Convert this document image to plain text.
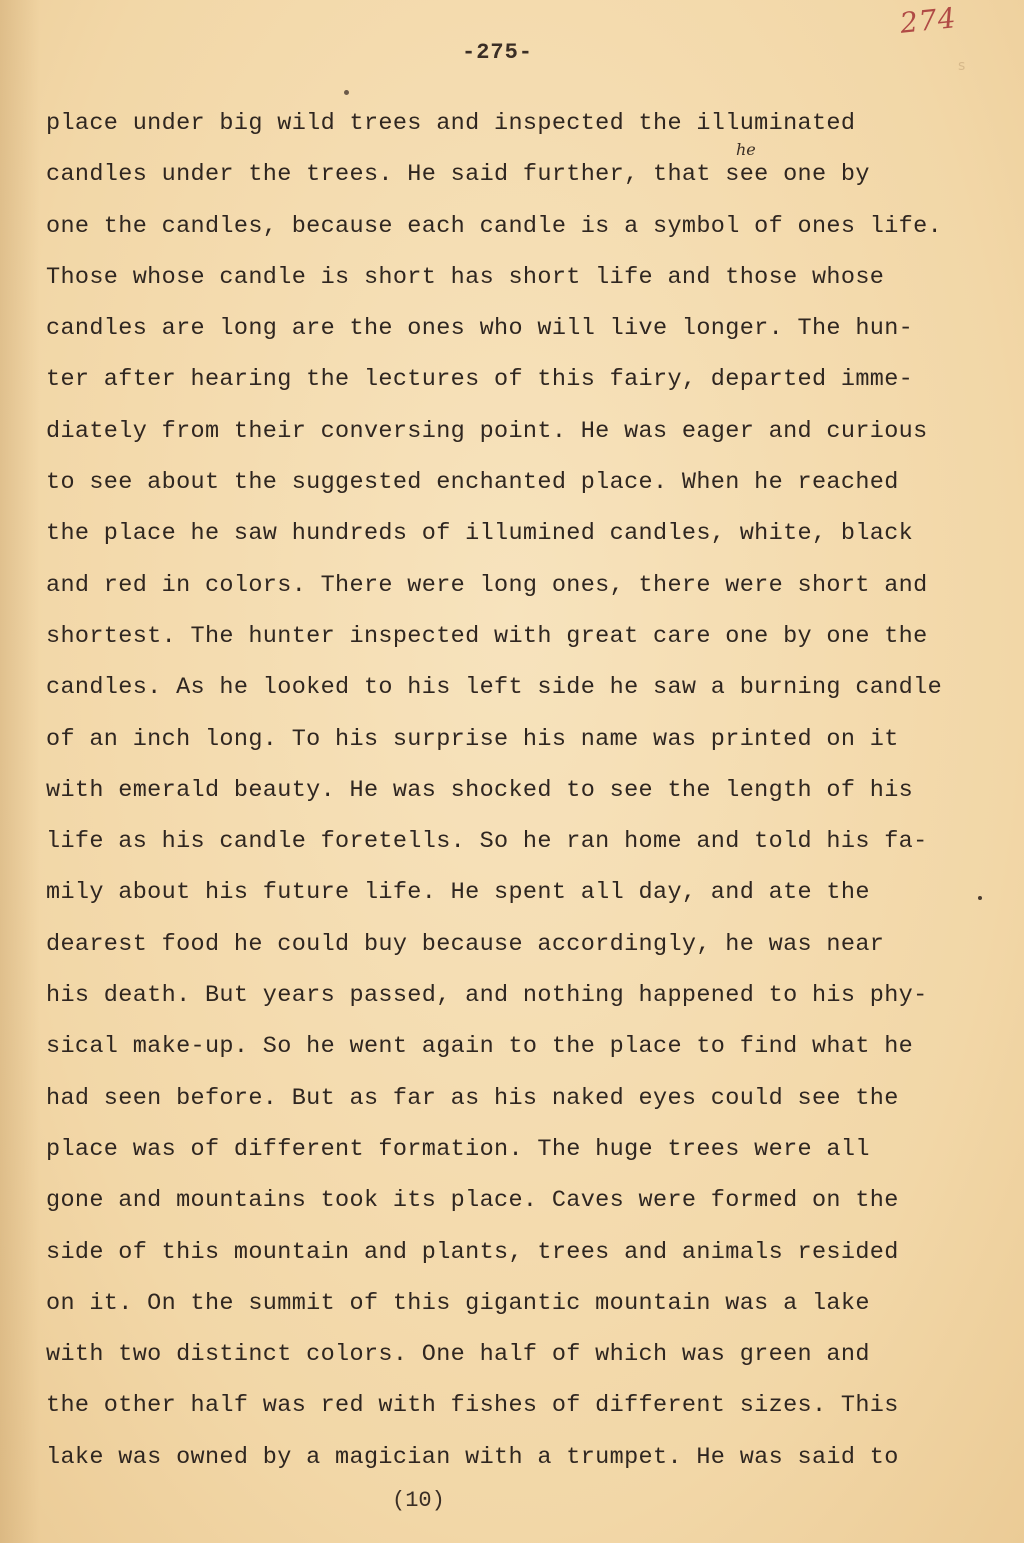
274
s
-275-
he
place under big wild trees and inspected the illuminated
candles under the trees. He said further, that see one by
one the candles, because each candle is a symbol of ones life.
Those whose candle is short has short life and those whose
candles are long are the ones who will live longer. The hun-
ter after hearing the lectures of this fairy, departed imme-
diately from their conversing point. He was eager and curious
to see about the suggested enchanted place. When he reached
the place he saw hundreds of illumined candles, white, black
and red in colors. There were long ones, there were short and
shortest. The hunter inspected with great care one by one the
candles. As he looked to his left side he saw a burning candle
of an inch long. To his surprise his name was printed on it
with emerald beauty. He was shocked to see the length of his
life as his candle foretells. So he ran home and told his fa-
mily about his future life. He spent all day, and ate the
dearest food he could buy because accordingly, he was near
his death. But years passed, and nothing happened to his phy-
sical make-up. So he went again to the place to find what he
had seen before. But as far as his naked eyes could see the
place was of different formation. The huge trees were all
gone and mountains took its place. Caves were formed on the
side of this mountain and plants, trees and animals resided
on it. On the summit of this gigantic mountain was a lake
with two distinct colors. One half of which was green and
the other half was red with fishes of different sizes. This
lake was owned by a magician with a trumpet. He was said to
(10)
